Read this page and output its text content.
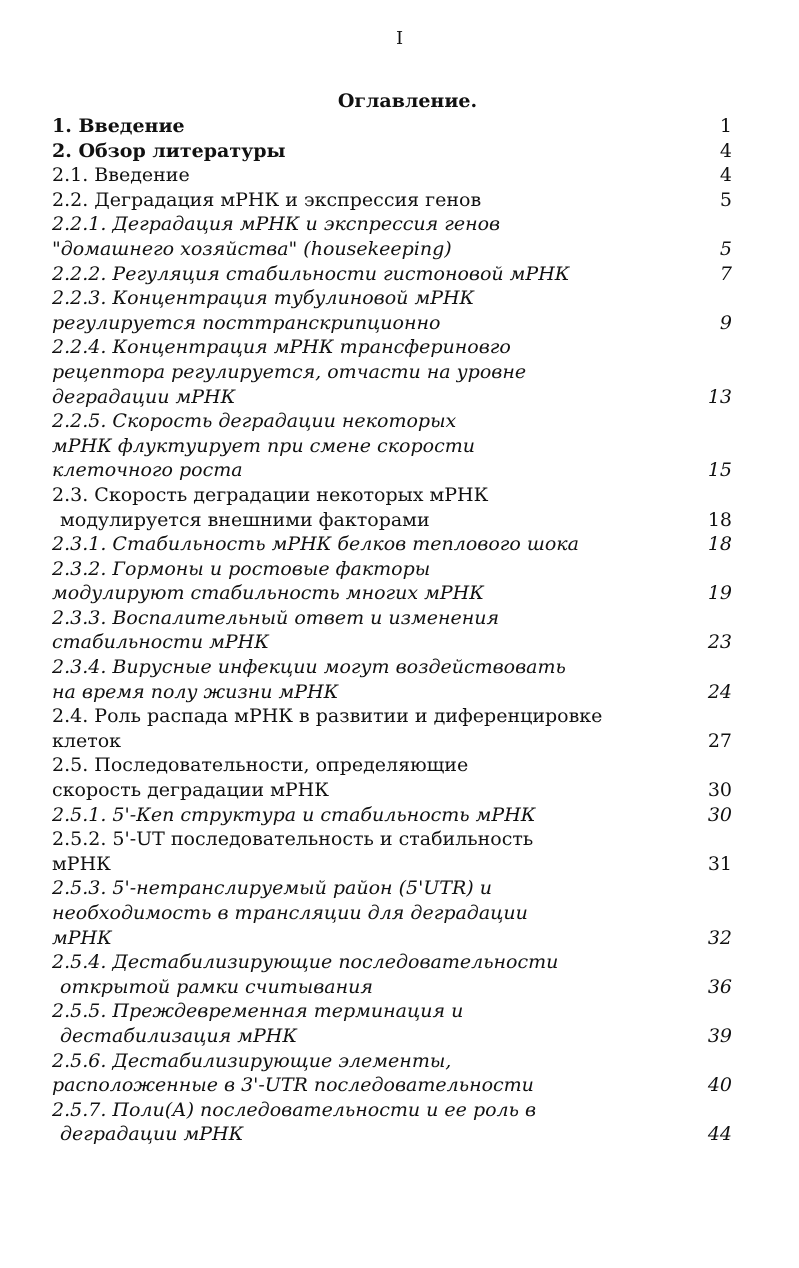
I
Оглавление.
1. Введение	1
2. Обзор литературы	4
2.1. Введение	4
2.2. Деградация мРНК и экспрессия генов	5
2.2.1. Деградация мРНК и экспрессия генов
"домашнего хозяйства" (housekeeping)	5
2.2.2. Регуляция стабильности гистоновой мРНК	7
2.2.3. Концентрация тубулиновой мРНК
регулируется посттранскрипционно	9
2.2.4. Концентрация мРНК трансфериновго
рецептора регулируется, отчасти на уровне
деградации мРНК	13
2.2.5. Скорость деградации некоторых
мРНК флуктуирует при смене скорости
клеточного роста	15
2.3. Скорость деградации некоторых мРНК
модулируется внешними факторами	18
2.3.1. Стабильность мРНК белков теплового шока	18
2.3.2. Гормоны и ростовые факторы
модулируют стабильность многих мРНК	19
2.3.3. Воспалительный ответ и изменения
стабильности мРНК	23
2.3.4. Вирусные инфекции могут воздействовать
на время полу жизни мРНК	24
2.4. Роль распада мРНК в развитии и диференцировке
клеток	27
2.5. Последовательности, определяющие
скорость деградации мРНК	30
2.5.1. 5'-Кеп структура и стабильность мРНК	30
2.5.2. 5'-UT последовательность и стабильность
мРНК	31
2.5.3. 5'-нетранслируемый район (5'UTR) и
необходимость в трансляции для деградации
мРНК	32
2.5.4. Дестабилизирующие последовательности
открытой рамки считывания	36
2.5.5. Преждевременная терминация и
дестабилизация мРНК	39
2.5.6. Дестабилизирующие элементы,
расположенные в 3'-UTR последовательности	40
2.5.7. Поли(А) последовательности и ее роль в
деградации мРНК	44
